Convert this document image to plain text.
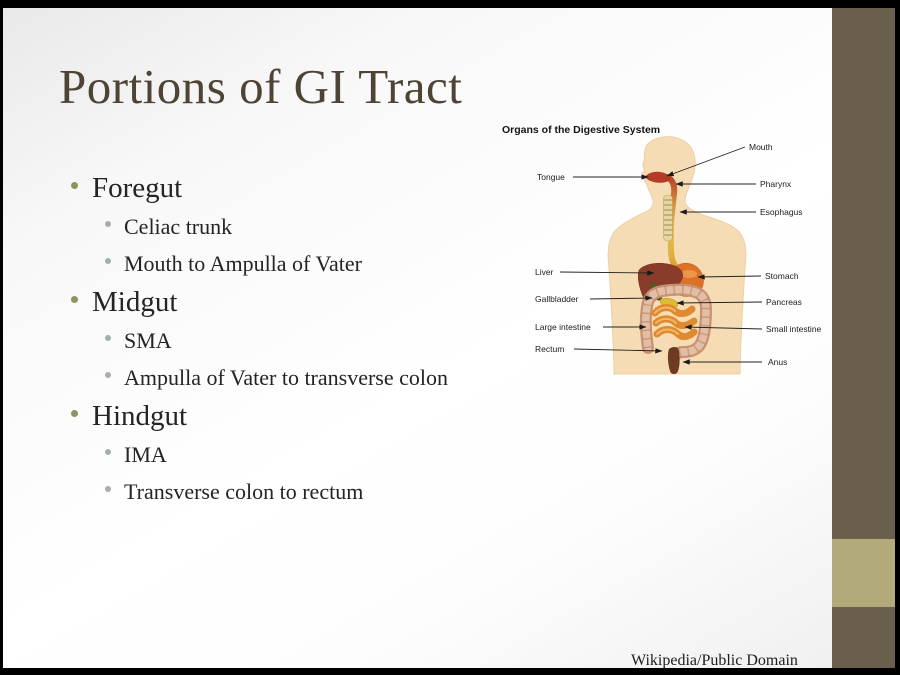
Portions of GI Tract
Foregut
Celiac trunk
Mouth to Ampulla of Vater
Midgut
SMA
Ampulla of Vater to transverse colon
Hindgut
IMA
Transverse colon to rectum
Organs of the Digestive System
Mouth
Tongue
Pharynx
Esophagus
Liver	Stomach
Gallbladder	Pancreas
Large intestine	Small intestine
Rectum
Anus
Wikipedia/Public Domain
